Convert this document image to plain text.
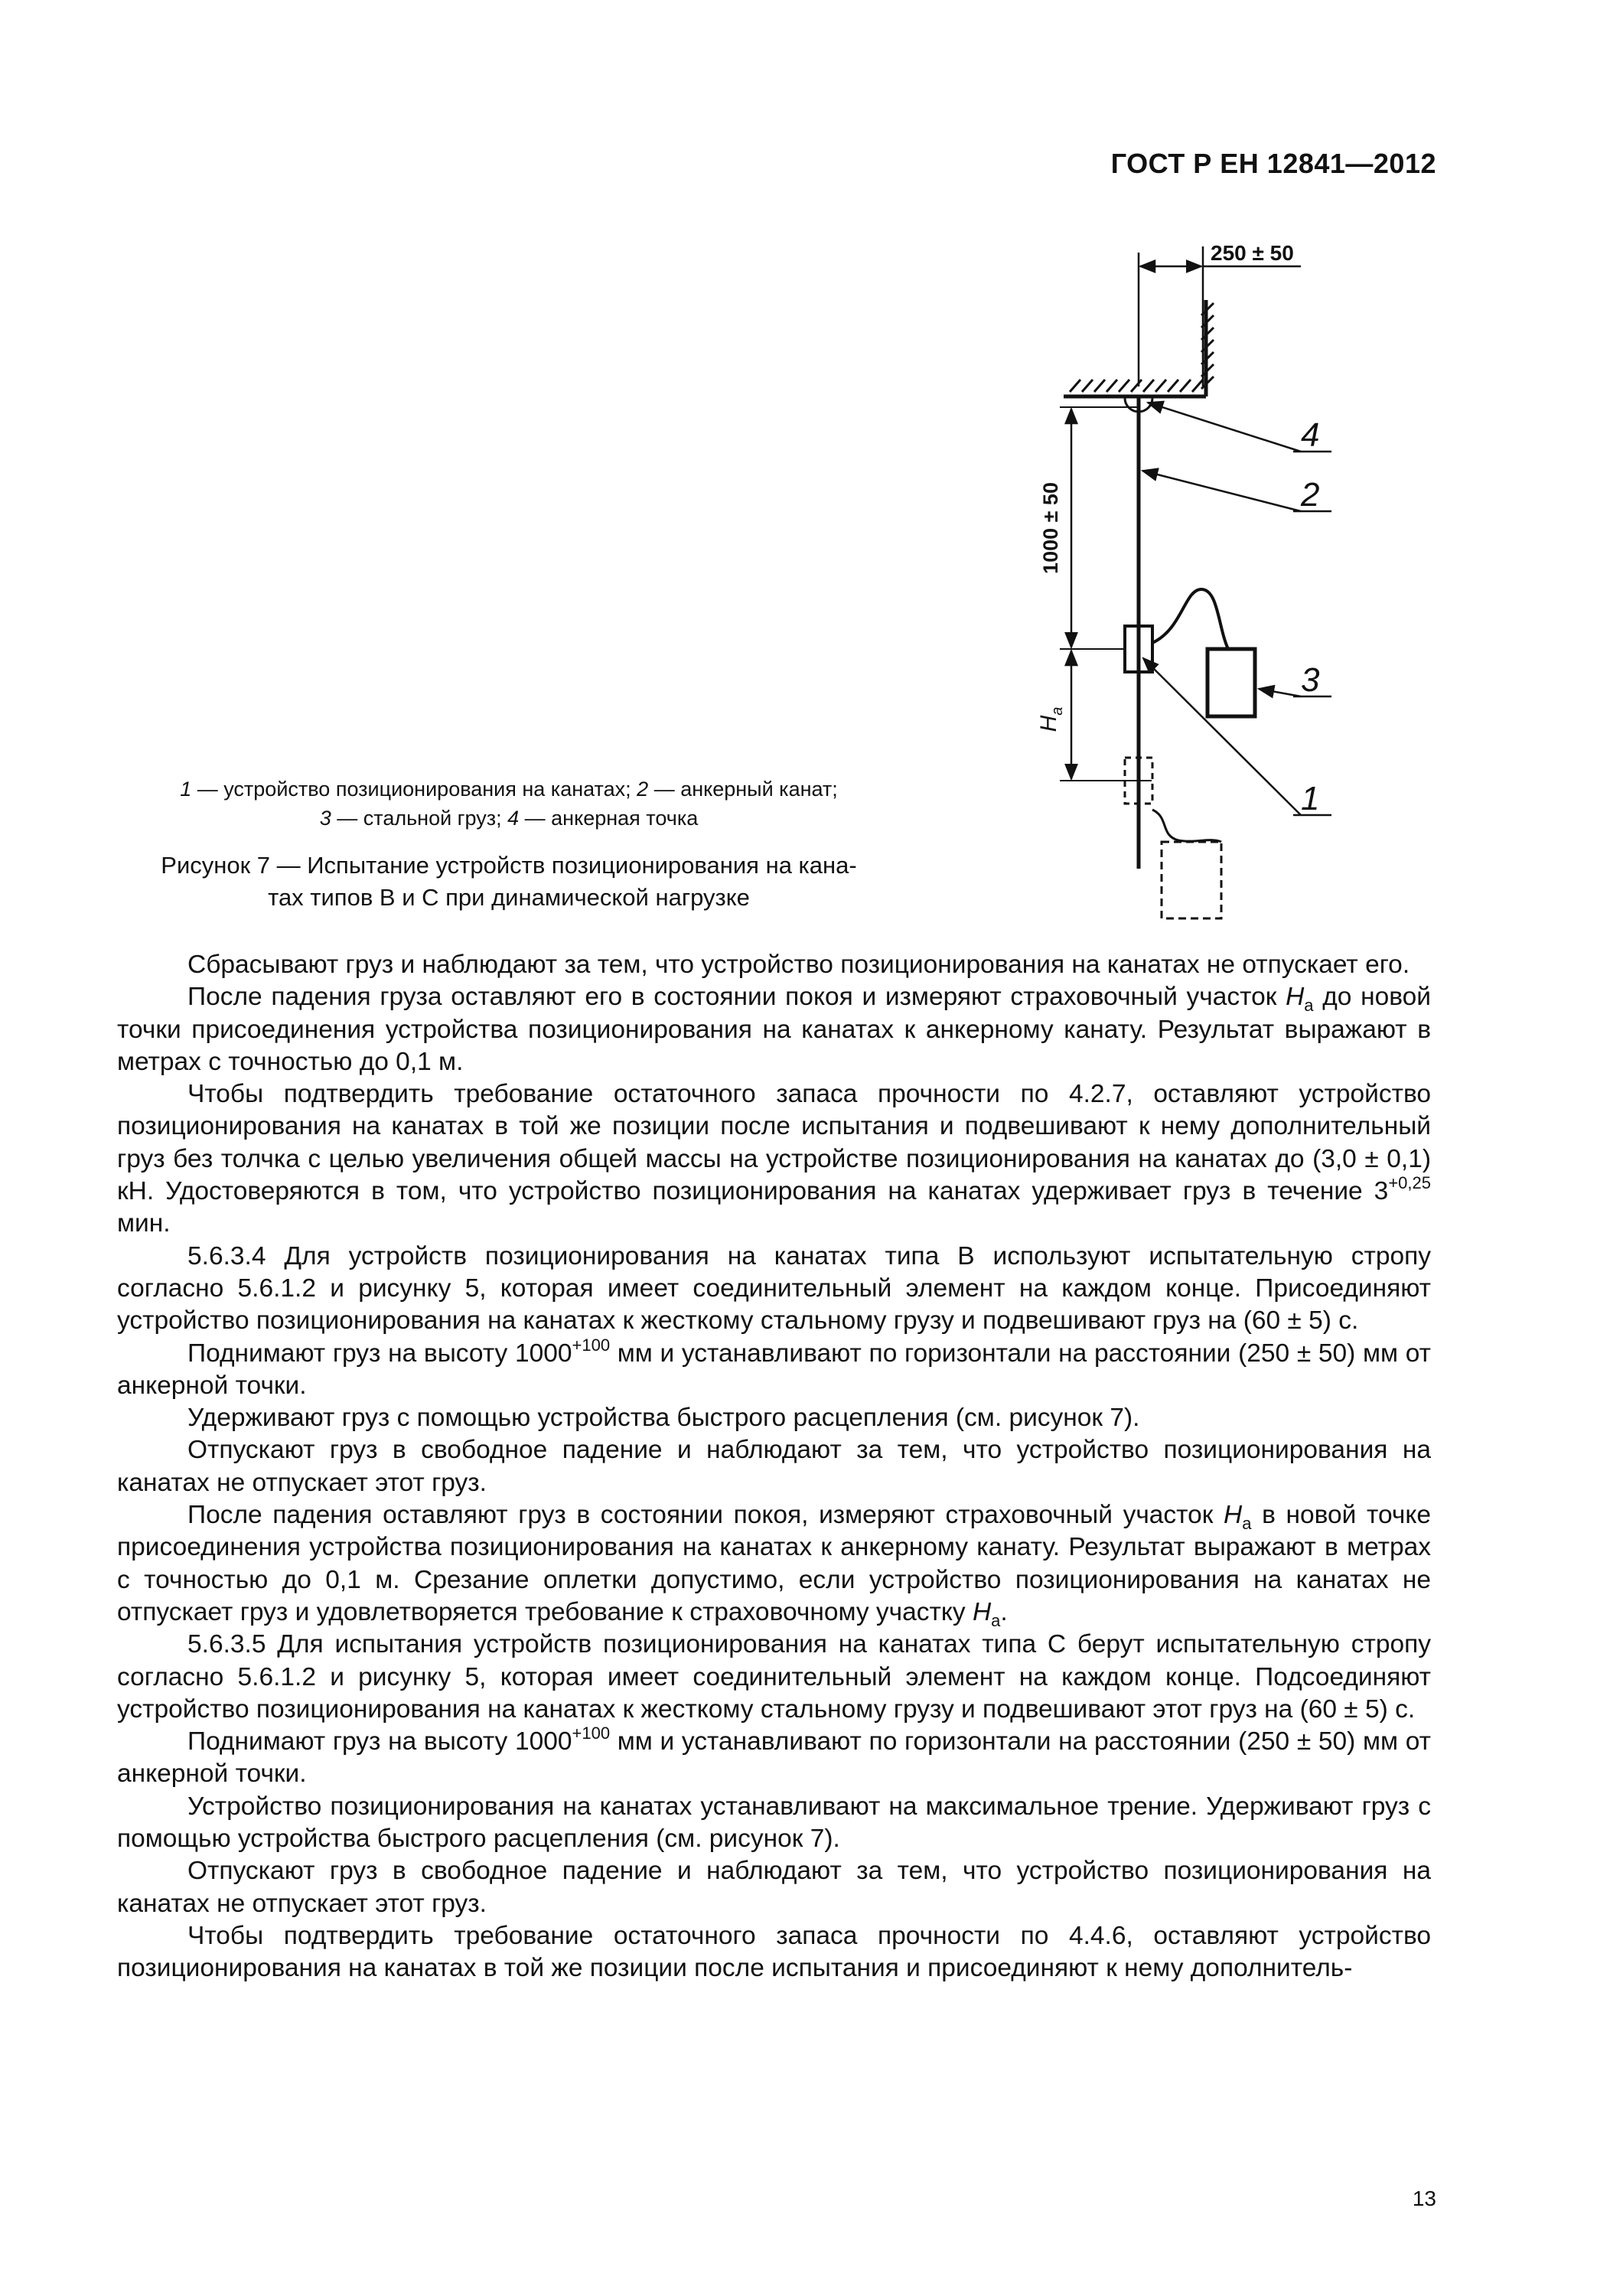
ГОСТ Р ЕН 12841—2012
250 ± 50
1000 ± 50
$H_a$
4
2
3
1
1 — устройство позиционирования на канатах; 2 — анкерный канат;
3 — стальной груз; 4 — анкерная точка
Рисунок 7 — Испытание устройств позиционирования на кана-
тах типов В и С при динамической нагрузке

Сбрасывают груз и наблюдают за тем, что устройство позиционирования на канатах не отпускает его.

После падения груза оставляют его в состоянии покоя и измеряют страховочный участок $H_a$ до новой точки присоединения устройства позиционирования на канатах к анкерному канату. Результат выражают в метрах с точностью до 0,1 м.

Чтобы подтвердить требование остаточного запаса прочности по 4.2.7, оставляют устройство позиционирования на канатах в той же позиции после испытания и подвешивают к нему дополнительный груз без толчка с целью увеличения общей массы на устройстве позиционирования на канатах до (3,0 ± 0,1) кН. Удостоверяются в том, что устройство позиционирования на канатах удерживает груз в течение $3^{+0,25}$ мин.

5.6.3.4 Для устройств позиционирования на канатах типа В используют испытательную стропу согласно 5.6.1.2 и рисунку 5, которая имеет соединительный элемент на каждом конце. Присоединяют устройство позиционирования на канатах к жесткому стальному грузу и подвешивают груз на (60 ± 5) с.

Поднимают груз на высоту $1000^{+100}$ мм и устанавливают по горизонтали на расстоянии (250 ± 50) мм от анкерной точки.

Удерживают груз с помощью устройства быстрого расцепления (см. рисунок 7).

Отпускают груз в свободное падение и наблюдают за тем, что устройство позиционирования на канатах не отпускает этот груз.

После падения оставляют груз в состоянии покоя, измеряют страховочный участок $H_a$ в новой точке присоединения устройства позиционирования на канатах к анкерному канату. Результат выражают в метрах с точностью до 0,1 м. Срезание оплетки допустимо, если устройство позиционирования на канатах не отпускает груз и удовлетворяется требование к страховочному участку $H_a$.

5.6.3.5 Для испытания устройств позиционирования на канатах типа С берут испытательную стропу согласно 5.6.1.2 и рисунку 5, которая имеет соединительный элемент на каждом конце. Подсоединяют устройство позиционирования на канатах к жесткому стальному грузу и подвешивают этот груз на (60 ± 5) с.

Поднимают груз на высоту $1000^{+100}$ мм и устанавливают по горизонтали на расстоянии (250 ± 50) мм от анкерной точки.

Устройство позиционирования на канатах устанавливают на максимальное трение. Удерживают груз с помощью устройства быстрого расцепления (см. рисунок 7).

Отпускают груз в свободное падение и наблюдают за тем, что устройство позиционирования на канатах не отпускает этот груз.

Чтобы подтвердить требование остаточного запаса прочности по 4.4.6, оставляют устройство позиционирования на канатах в той же позиции после испытания и присоединяют к нему дополнитель-

13
